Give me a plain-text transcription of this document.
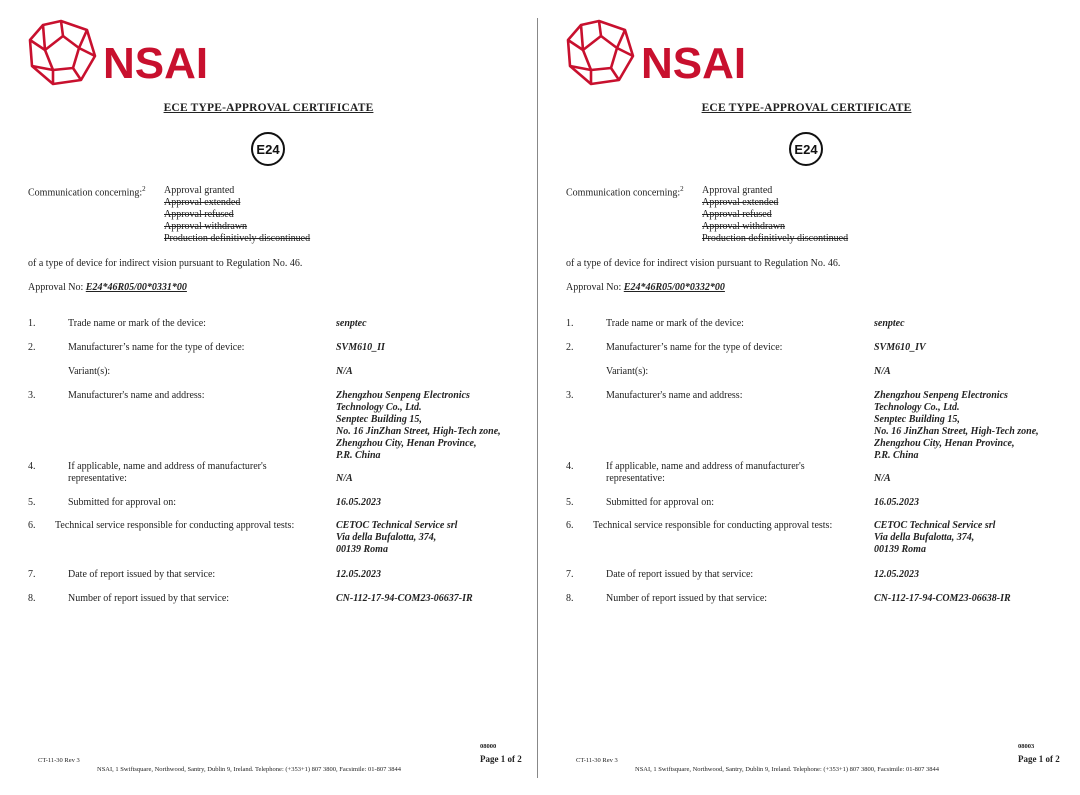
NSAI
ECE TYPE-APPROVAL CERTIFICATE
E24
Communication concerning:$^2$ Approval granted
Approval extended
Approval refused
Approval withdrawn
Production definitively discontinued
of a type of device for indirect vision pursuant to Regulation No. 46.
Approval No: E24*46R05/00*0331*00
1.	Trade name or mark of the device:	senptec
2.	Manufacturer’s name for the type of device:	SVM610_II
Variant(s):	N/A
3.	Manufacturer's name and address:	Zhengzhou Senpeng Electronics
Technology Co., Ltd.
Senptec Building 15,
No. 16 JinZhan Street, High-Tech zone,
Zhengzhou City, Henan Province,
P.R. China
4.	If applicable, name and address of manufacturer's
representative:	N/A
5.	Submitted for approval on:	16.05.2023
6. Technical service responsible for conducting approval tests:	CETOC Technical Service srl
Via della Bufalotta, 374,
00139 Roma
7.	Date of report issued by that service:	12.05.2023
8.	Number of report issued by that service:	CN-112-17-94-COM23-06637-IR
CT-11-30 Rev 3
NSAI, 1 Swiftsquare, Northwood, Santry, Dublin 9, Ireland. Telephone: (+353+1) 807 3800, Facsimile: 01-807 3844
08000
Page 1 of 2
NSAI
ECE TYPE-APPROVAL CERTIFICATE
E24
Communication concerning:$^2$ Approval granted
Approval extended
Approval refused
Approval withdrawn
Production definitively discontinued
of a type of device for indirect vision pursuant to Regulation No. 46.
Approval No: E24*46R05/00*0332*00
1.	Trade name or mark of the device:	senptec
2.	Manufacturer’s name for the type of device:	SVM610_IV
Variant(s):	N/A
3.	Manufacturer's name and address:	Zhengzhou Senpeng Electronics
Technology Co., Ltd.
Senptec Building 15,
No. 16 JinZhan Street, High-Tech zone,
Zhengzhou City, Henan Province,
P.R. China
4.	If applicable, name and address of manufacturer's
representative:	N/A
5.	Submitted for approval on:	16.05.2023
6. Technical service responsible for conducting approval tests:	CETOC Technical Service srl
Via della Bufalotta, 374,
00139 Roma
7.	Date of report issued by that service:	12.05.2023
8.	Number of report issued by that service:	CN-112-17-94-COM23-06638-IR
CT-11-30 Rev 3
NSAI, 1 Swiftsquare, Northwood, Santry, Dublin 9, Ireland. Telephone: (+353+1) 807 3800, Facsimile: 01-807 3844
08003
Page 1 of 2
